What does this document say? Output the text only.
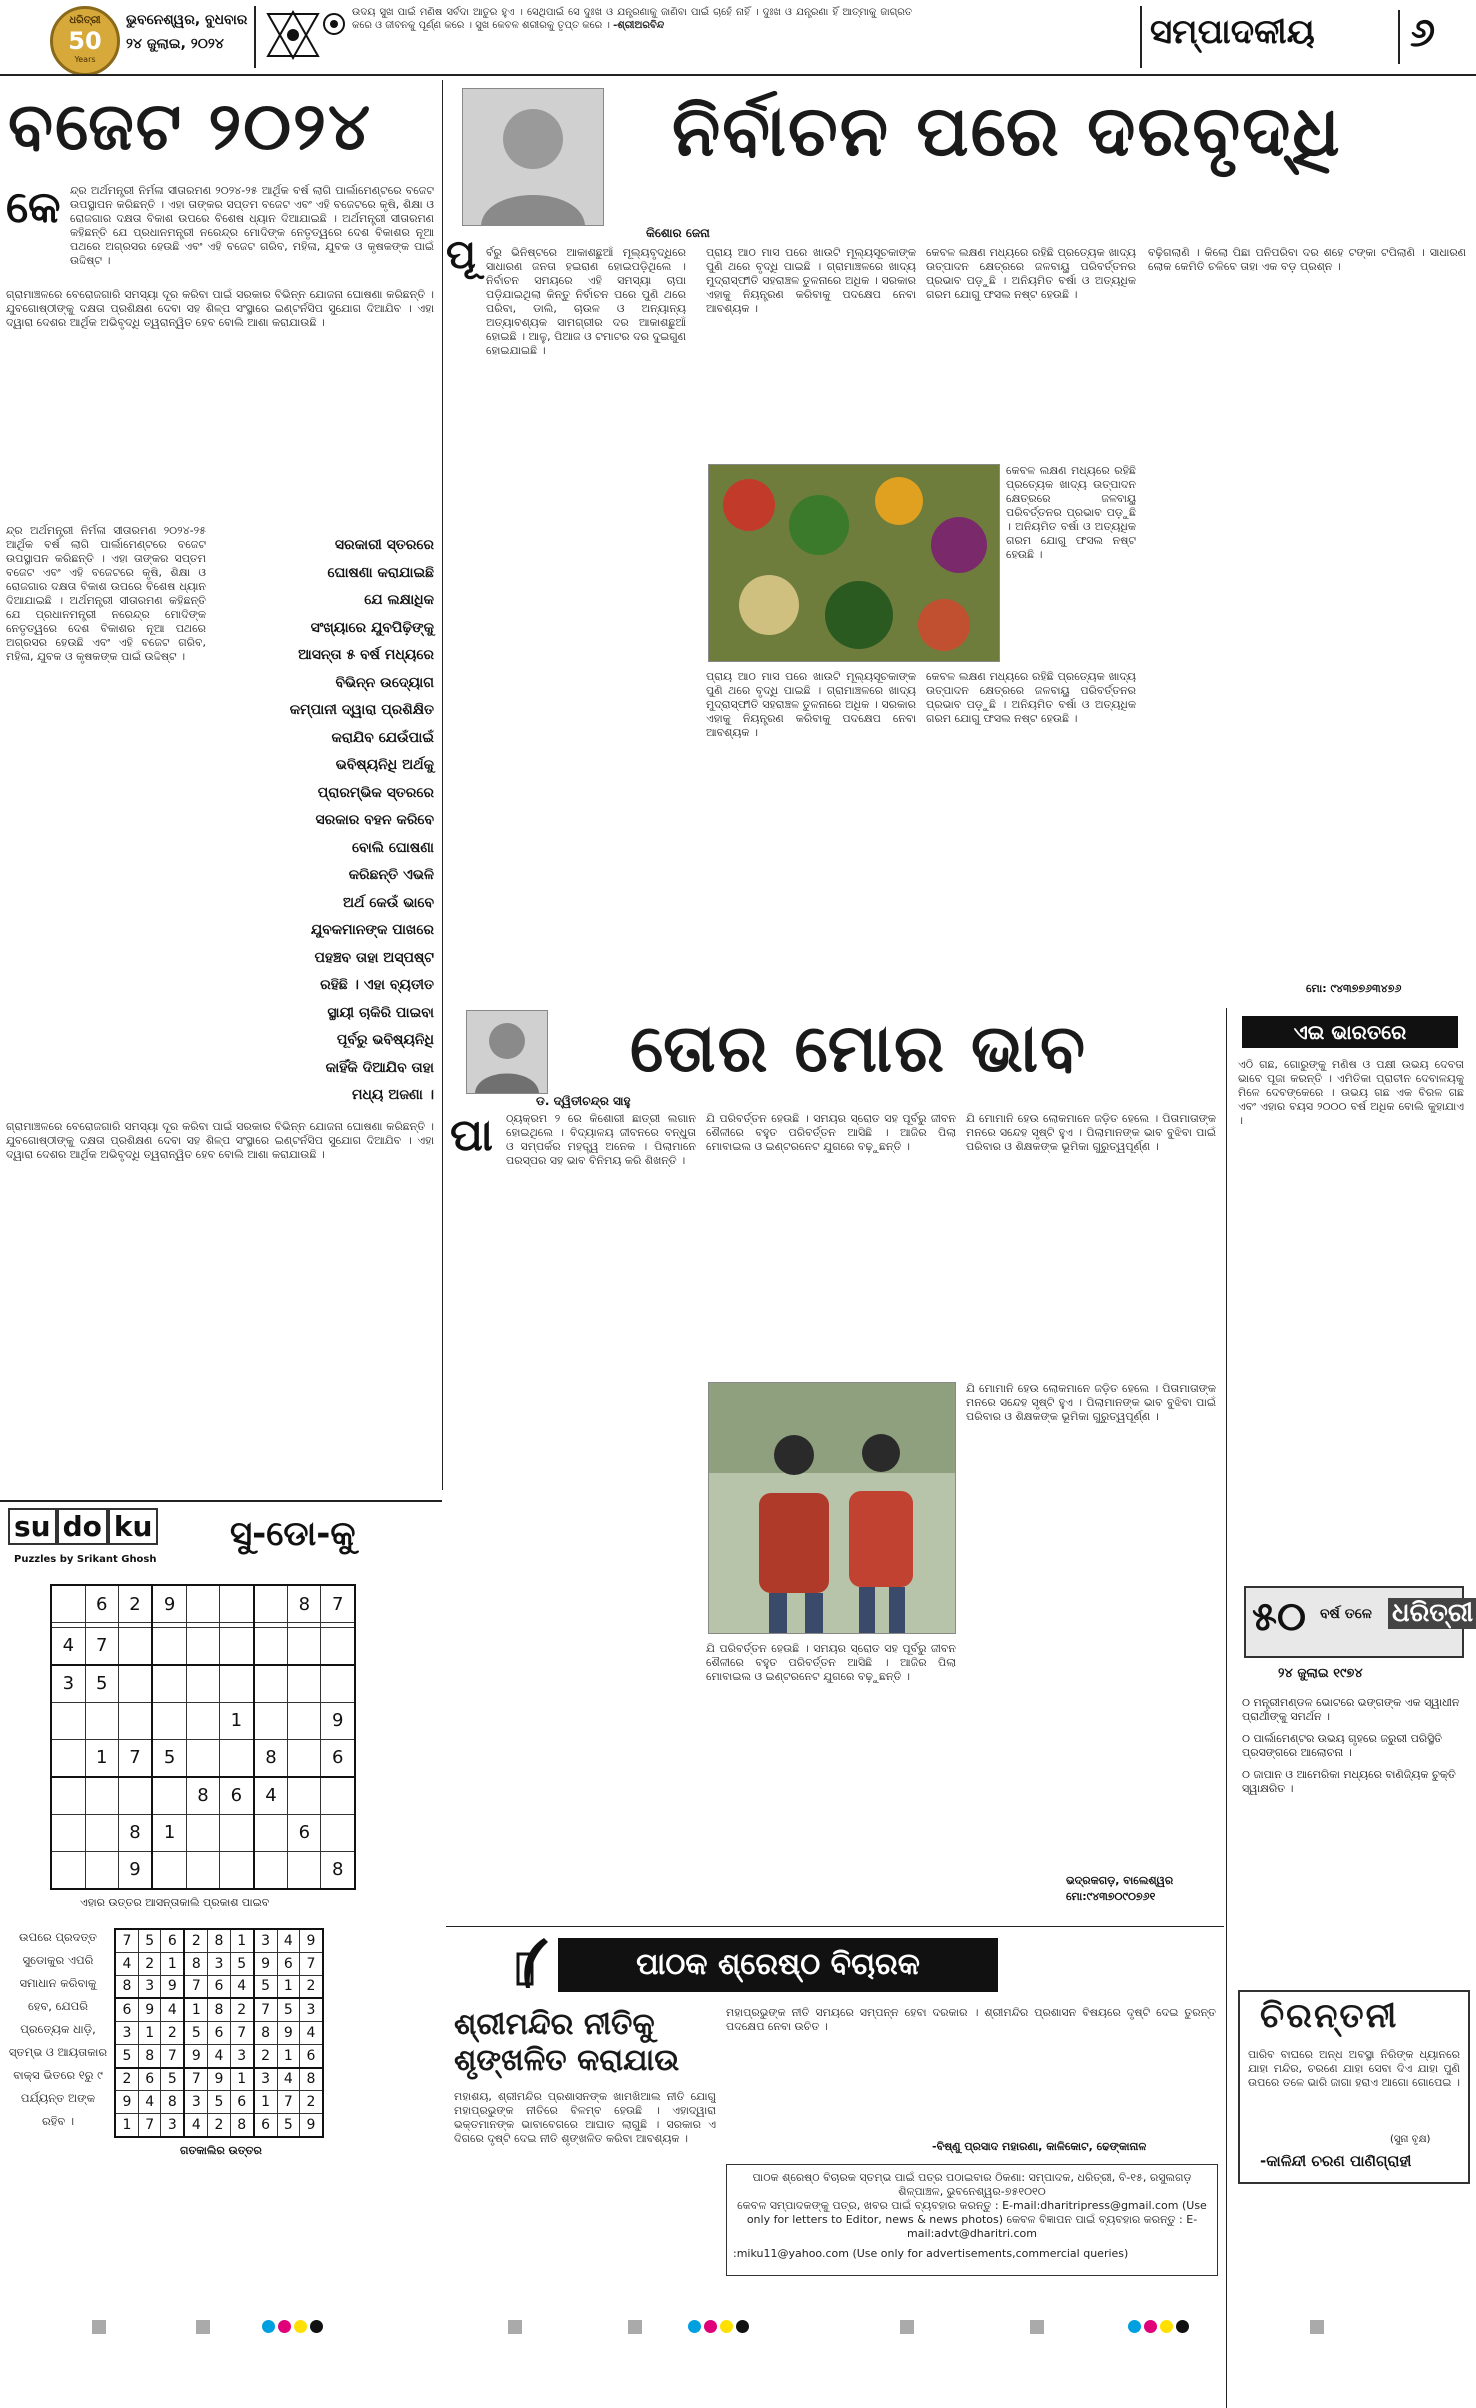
ଧରିତ୍ରୀ
50
Years
ଭୁବନେଶ୍ୱର, ବୁଧବାର
୨୪ ଜୁଲାଇ, ୨୦୨୪
ଉଦୟ ସୁଖ ପାଇଁ ମଣିଷ ସର୍ବଦା ଆତୁର ହୁଏ । ସେଥିପାଇଁ ସେ ଦୁଃଖ ଓ ଯନ୍ତ୍ରଣାକୁ ଜାଣିବା ପାଇଁ ଚାହେଁ ନାହିଁ । ଦୁଃଖ ଓ ଯନ୍ତ୍ରଣା ହିଁ ଆତ୍ମାକୁ ଜାଗ୍ରତ କରେ ଓ ଜୀବନକୁ ପୂର୍ଣ୍ଣ କରେ । ସୁଖ କେବଳ ଶରୀରକୁ ତୃପ୍ତ କରେ । -ଶ୍ରୀଅରବିନ୍ଦ	ସମ୍ପାଦକୀୟ ୬
ବଜେଟ ୨୦୨୪
କେ ନ୍ଦ୍ର ଅର୍ଥମନ୍ତ୍ରୀ ନିର୍ମଳା ସୀତାରମଣ ୨୦୨୪-୨୫ ଆର୍ଥିକ ବର୍ଷ ଲାଗି ପାର୍ଲାମେଣ୍ଟରେ ବଜେଟ ଉପସ୍ଥାପନ କରିଛନ୍ତି । ଏହା ତାଙ୍କର ସପ୍ତମ ବଜେଟ ଏବଂ ଏହି ବଜେଟରେ କୃଷି, ଶିକ୍ଷା ଓ ରୋଜଗାର ଦକ୍ଷତା ବିକାଶ ଉପରେ ବିଶେଷ ଧ୍ୟାନ ଦିଆଯାଇଛି । ଅର୍ଥମନ୍ତ୍ରୀ ସୀତାରମଣ କହିଛନ୍ତି ଯେ ପ୍ରଧାନମନ୍ତ୍ରୀ ନରେନ୍ଦ୍ର ମୋଦିଙ୍କ ନେତୃତ୍ୱରେ ଦେଶ ବିକାଶର ନୂଆ ପଥରେ ଅଗ୍ରସର ହେଉଛି ଏବଂ ଏହି ବଜେଟ ଗରିବ, ମହିଳା, ଯୁବକ ଓ କୃଷକଙ୍କ ପାଇଁ ଉଦ୍ଦିଷ୍ଟ ।
ଗ୍ରାମାଞ୍ଚଳରେ ବେରୋଜଗାରି ସମସ୍ୟା ଦୂର କରିବା ପାଇଁ ସରକାର ବିଭିନ୍ନ ଯୋଜନା ଘୋଷଣା କରିଛନ୍ତି । ଯୁବଗୋଷ୍ଠୀଙ୍କୁ ଦକ୍ଷତା ପ୍ରଶିକ୍ଷଣ ଦେବା ସହ ଶିଳ୍ପ ସଂସ୍ଥାରେ ଇଣ୍ଟର୍ନସିପ ସୁଯୋଗ ଦିଆଯିବ । ଏହା ଦ୍ୱାରା ଦେଶର ଆର୍ଥିକ ଅଭିବୃଦ୍ଧି ତ୍ୱରାନ୍ୱିତ ହେବ ବୋଲି ଆଶା କରାଯାଉଛି ।
ନ୍ଦ୍ର ଅର୍ଥମନ୍ତ୍ରୀ ନିର୍ମଳା ସୀତାରମଣ ୨୦୨୪-୨୫ ଆର୍ଥିକ ବର୍ଷ ଲାଗି ପାର୍ଲାମେଣ୍ଟରେ ବଜେଟ ଉପସ୍ଥାପନ କରିଛନ୍ତି । ଏହା ତାଙ୍କର ସପ୍ତମ ବଜେଟ ଏବଂ ଏହି ବଜେଟରେ କୃଷି, ଶିକ୍ଷା ଓ ରୋଜଗାର ଦକ୍ଷତା ବିକାଶ ଉପରେ ବିଶେଷ ଧ୍ୟାନ ଦିଆଯାଇଛି । ଅର୍ଥମନ୍ତ୍ରୀ ସୀତାରମଣ କହିଛନ୍ତି ଯେ ପ୍ରଧାନମନ୍ତ୍ରୀ ନରେନ୍ଦ୍ର ମୋଦିଙ୍କ ନେତୃତ୍ୱରେ ଦେଶ ବିକାଶର ନୂଆ ପଥରେ ଅଗ୍ରସର ହେଉଛି ଏବଂ ଏହି ବଜେଟ ଗରିବ, ମହିଳା, ଯୁବକ ଓ କୃଷକଙ୍କ ପାଇଁ ଉଦ୍ଦିଷ୍ଟ ।
ସରକାରୀ ସ୍ତରରେ
ଘୋଷଣା କରାଯାଇଛି
ଯେ ଲକ୍ଷାଧିକ
ସଂଖ୍ୟାରେ ଯୁବପିଢ଼ିଙ୍କୁ
ଆସନ୍ତା ୫ ବର୍ଷ ମଧ୍ୟରେ
ବିଭିନ୍ନ ଉଦ୍ୟୋଗ
କମ୍ପାନୀ ଦ୍ୱାରା ପ୍ରଶିକ୍ଷିତ
କରାଯିବ ଯେଉଁପାଇଁ
ଭବିଷ୍ୟନିଧି ଅର୍ଥକୁ
ପ୍ରାରମ୍ଭିକ ସ୍ତରରେ
ସରକାର ବହନ କରିବେ
ବୋଲି ଘୋଷଣା
କରିଛନ୍ତି ଏଭଳି
ଅର୍ଥ କେଉଁ ଭାବେ
ଯୁବକମାନଙ୍କ ପାଖରେ
ପହଞ୍ଚବ ତାହା ଅସ୍ପଷ୍ଟ
ରହିଛି । ଏହା ବ୍ୟତୀତ
ସ୍ଥାୟୀ ଚାକିରି ପାଇବା
ପୂର୍ବରୁ ଭବିଷ୍ୟନିଧି
କାହିଁକି ଦିଆଯିବ ତାହା
ମଧ୍ୟ ଅଜଣା ।
ଗ୍ରାମାଞ୍ଚଳରେ ବେରୋଜଗାରି ସମସ୍ୟା ଦୂର କରିବା ପାଇଁ ସରକାର ବିଭିନ୍ନ ଯୋଜନା ଘୋଷଣା କରିଛନ୍ତି । ଯୁବଗୋଷ୍ଠୀଙ୍କୁ ଦକ୍ଷତା ପ୍ରଶିକ୍ଷଣ ଦେବା ସହ ଶିଳ୍ପ ସଂସ୍ଥାରେ ଇଣ୍ଟର୍ନସିପ ସୁଯୋଗ ଦିଆଯିବ । ଏହା ଦ୍ୱାରା ଦେଶର ଆର୍ଥିକ ଅଭିବୃଦ୍ଧି ତ୍ୱରାନ୍ୱିତ ହେବ ବୋଲି ଆଶା କରାଯାଉଛି ।
କିଶୋର ଜେନା
ନିର୍ବାଚନ ପରେ ଦରବୃଦ୍ଧି
ପୂ ର୍ବରୁ ଭିନିଷ୍ଟରେ ଆକାଶଛୁଆଁ ମୂଲ୍ୟବୃଦ୍ଧିରେ ସାଧାରଣ ଜନତା ହଇରାଣ ହୋଇପଡ଼ିଥିଲେ । ନିର୍ବାଚନ ସମୟରେ ଏହି ସମସ୍ୟା ଚାପା ପଡ଼ିଯାଇଥିଲା କିନ୍ତୁ ନିର୍ବାଚନ ପରେ ପୁଣି ଥରେ ପରିବା, ଡାଲି, ଚାଉଳ ଓ ଅନ୍ୟାନ୍ୟ ଅତ୍ୟାବଶ୍ୟକ ସାମଗ୍ରୀର ଦର ଆକାଶଛୁଆଁ ହୋଇଛି । ଆଳୁ, ପିଆଜ ଓ ଟମାଟର ଦର ଦୁଇଗୁଣ ହୋଇଯାଇଛି ।
ପ୍ରାୟ ଆଠ ମାସ ପରେ ଖାଉଟି ମୂଲ୍ୟସୂଚକାଙ୍କ ପୁଣି ଥରେ ବୃଦ୍ଧି ପାଇଛି । ଗ୍ରାମାଞ୍ଚଳରେ ଖାଦ୍ୟ ମୁଦ୍ରାସ୍ଫୀତି ସହରାଞ୍ଚଳ ତୁଳନାରେ ଅଧିକ । ସରକାର ଏହାକୁ ନିୟନ୍ତ୍ରଣ କରିବାକୁ ପଦକ୍ଷେପ ନେବା ଆବଶ୍ୟକ ।
ପ୍ରାୟ ଆଠ ମାସ ପରେ ଖାଉଟି ମୂଲ୍ୟସୂଚକାଙ୍କ ପୁଣି ଥରେ ବୃଦ୍ଧି ପାଇଛି । ଗ୍ରାମାଞ୍ଚଳରେ ଖାଦ୍ୟ ମୁଦ୍ରାସ୍ଫୀତି ସହରାଞ୍ଚଳ ତୁଳନାରେ ଅଧିକ । ସରକାର ଏହାକୁ ନିୟନ୍ତ୍ରଣ କରିବାକୁ ପଦକ୍ଷେପ ନେବା ଆବଶ୍ୟକ ।
କେବଳ ଲକ୍ଷଣ ମଧ୍ୟରେ ରହିଛି ପ୍ରତ୍ୟେକ ଖାଦ୍ୟ ଉତ୍ପାଦନ କ୍ଷେତ୍ରରେ ଜଳବାୟୁ ପରିବର୍ତ୍ତନର ପ୍ରଭାବ ପଡ଼ୁଛି । ଅନିୟମିତ ବର୍ଷା ଓ ଅତ୍ୟଧିକ ଗରମ ଯୋଗୁ ଫସଲ ନଷ୍ଟ ହେଉଛି ।
କେବଳ ଲକ୍ଷଣ ମଧ୍ୟରେ ରହିଛି ପ୍ରତ୍ୟେକ ଖାଦ୍ୟ ଉତ୍ପାଦନ କ୍ଷେତ୍ରରେ ଜଳବାୟୁ ପରିବର୍ତ୍ତନର ପ୍ରଭାବ ପଡ଼ୁଛି । ଅନିୟମିତ ବର୍ଷା ଓ ଅତ୍ୟଧିକ ଗରମ ଯୋଗୁ ଫସଲ ନଷ୍ଟ ହେଉଛି ।
କେବଳ ଲକ୍ଷଣ ମଧ୍ୟରେ ରହିଛି ପ୍ରତ୍ୟେକ ଖାଦ୍ୟ ଉତ୍ପାଦନ କ୍ଷେତ୍ରରେ ଜଳବାୟୁ ପରିବର୍ତ୍ତନର ପ୍ରଭାବ ପଡ଼ୁଛି । ଅନିୟମିତ ବର୍ଷା ଓ ଅତ୍ୟଧିକ ଗରମ ଯୋଗୁ ଫସଲ ନଷ୍ଟ ହେଉଛି ।
ବଢ଼ିଗଲାଣି । କିଲୋ ପିଛା ପନିପରିବା ଦର ଶହେ ଟଙ୍କା ଟପିଲାଣି । ସାଧାରଣ ଲୋକ କେମିତି ଚଳିବେ ତାହା ଏକ ବଡ଼ ପ୍ରଶ୍ନ ।
ମୋ: ୯୪୩୭୭୬୩୪୭୬
ଏଇ ଭାରତରେ
ଏଠି ଗଛ, ଗୋରୁଙ୍କୁ ମଣିଷ ଓ ପକ୍ଷୀ ଉଭୟ ଦେବତା ଭାବେ ପୂଜା କରନ୍ତି । ଏମିତିକା ପ୍ରାଚୀନ ଦେବାଳୟକୁ ମିଳେ ଦେବଙ୍କେରେ । ଉଭୟ ଗଛ ଏକ ବିରଳ ଗଛ ଏବଂ ଏହାର ବୟସ ୨୦୦୦ ବର୍ଷ ଅଧିକ ବୋଲି କୁହାଯାଏ ।
ଡ. ଦ୍ୱିତୀଚନ୍ଦ୍ର ସାହୁ
ତୋର ମୋର ଭାବ
ପା ଠ୍ୟକ୍ରମ ୨ ରେ କିଶୋରୀ ଛାତ୍ରୀ ଲଗାନ ହୋଇଥିଲେ । ବିଦ୍ୟାଳୟ ଜୀବନରେ ବନ୍ଧୁତା ଓ ସମ୍ପର୍କର ମହତ୍ତ୍ୱ ଅନେକ । ପିଲାମାନେ ପରସ୍ପର ସହ ଭାବ ବିନିମୟ କରି ଶିଖନ୍ତି ।
ଯି ପରିବର୍ତ୍ତନ ହେଉଛି । ସମୟର ସ୍ରୋତ ସହ ପୂର୍ବରୁ ଜୀବନ ଶୈଳୀରେ ବହୁତ ପରିବର୍ତ୍ତନ ଆସିଛି । ଆଜିର ପିଲା ମୋବାଇଲ ଓ ଇଣ୍ଟରନେଟ ଯୁଗରେ ବଢ଼ୁଛନ୍ତି ।
ଯି ମୋମାନି ହେଉ ଲୋକମାନେ ଜଡ଼ିତ ହେଲେ । ପିତାମାତାଙ୍କ ମନରେ ସନ୍ଦେହ ସୃଷ୍ଟି ହୁଏ । ପିଲାମାନଙ୍କ ଭାବ ବୁଝିବା ପାଇଁ ପରିବାର ଓ ଶିକ୍ଷକଙ୍କ ଭୂମିକା ଗୁରୁତ୍ୱପୂର୍ଣ୍ଣ ।
ଯି ପରିବର୍ତ୍ତନ ହେଉଛି । ସମୟର ସ୍ରୋତ ସହ ପୂର୍ବରୁ ଜୀବନ ଶୈଳୀରେ ବହୁତ ପରିବର୍ତ୍ତନ ଆସିଛି । ଆଜିର ପିଲା ମୋବାଇଲ ଓ ଇଣ୍ଟରନେଟ ଯୁଗରେ ବଢ଼ୁଛନ୍ତି ।
ଯି ମୋମାନି ହେଉ ଲୋକମାନେ ଜଡ଼ିତ ହେଲେ । ପିତାମାତାଙ୍କ ମନରେ ସନ୍ଦେହ ସୃଷ୍ଟି ହୁଏ । ପିଲାମାନଙ୍କ ଭାବ ବୁଝିବା ପାଇଁ ପରିବାର ଓ ଶିକ୍ଷକଙ୍କ ଭୂମିକା ଗୁରୁତ୍ୱପୂର୍ଣ୍ଣ ।
ଭଦ୍ରକଗଡ଼, ବାଲେଶ୍ୱର
ମୋ:୯୪୩୭୦୯୦୭୬୧
୫୦ ବର୍ଷ ତଳେ ଧରିତ୍ରୀ
୨୪ ଜୁଲାଇ ୧୯୭୪
୦ ମନ୍ତ୍ରୀମଣ୍ଡଳ ଭୋଟରେ ଭଙ୍ଗଙ୍କ ଏକ ସ୍ୱାଧୀନ ପ୍ରାର୍ଥୀଙ୍କୁ ସମର୍ଥନ ।
୦ ପାର୍ଲାମେଣ୍ଟର ଉଭୟ ଗୃହରେ ଜରୁରୀ ପରିସ୍ଥିତି ପ୍ରସଙ୍ଗରେ ଆଲୋଚନା ।
୦ ଜାପାନ ଓ ଆମେରିକା ମଧ୍ୟରେ ବାଣିଜ୍ୟିକ ଚୁକ୍ତି ସ୍ୱାକ୍ଷରିତ ।
ଚିରନ୍ତନୀ
ପାରିବ ବାଘରେ ଅନ୍ଧ ଅବସ୍ଥା ନିରିଙ୍କ ଧ୍ୟାନରେ ଯାହା ମନ୍ଦିର, ଚରଣେ ଯାହା ସେବା ଦିଏ ଯାହା ପୁଣି ଉପରେ ତଳେ ଭାରି ଜାଗା ହରାଏ ଆଗୋ ଗୋପେଇ ।
(ସୁନା ବୃକ୍ଷ)
-କାଳିନ୍ଦୀ ଚରଣ ପାଣିଗ୍ରାହୀ
su do ku
Puzzles by Srikant Ghosh
ସୁ-ଡୋ-କୁ
	6	2	9				8	7

4	7							
3	5							
					1			9
	1	7	5			8		6
				8	6	4		
		8	1				6	
		9						8
ଏହାର ଉତ୍ତର ଆସନ୍ତାକାଲି ପ୍ରକାଶ ପାଇବ
ଉପରେ ପ୍ରଦତ୍ତ ସୁଡୋକୁର ଏପରି ସମାଧାନ କରିବାକୁ ହେବ, ଯେପରି ପ୍ରତ୍ୟେକ ଧାଡ଼ି, ସ୍ତମ୍ଭ ଓ ଆୟତାକାର ବାକ୍ସ ଭିତରେ ୧ରୁ ୯ ପର୍ଯ୍ୟନ୍ତ ଅଙ୍କ ରହିବ ।
7	5	6	2	8	1	3	4	9
4	2	1	8	3	5	9	6	7
8	3	9	7	6	4	5	1	2
6	9	4	1	8	2	7	5	3
3	1	2	5	6	7	8	9	4
5	8	7	9	4	3	2	1	6
2	6	5	7	9	1	3	4	8
9	4	8	3	5	6	1	7	2
1	7	3	4	2	8	6	5	9
ଗତକାଲିର ଉତ୍ତର
ପାଠକ ଶ୍ରେଷ୍ଠ ବିଚାରକ
ଶ୍ରୀମନ୍ଦିର ନୀତିକୁ
ଶୃଙ୍ଖଳିତ କରାଯାଉ
ମହାଶୟ, ଶ୍ରୀମନ୍ଦିର ପ୍ରଶାସନଙ୍କ ଖାମଖିଆଲ ନୀତି ଯୋଗୁ ମହାପ୍ରଭୁଙ୍କ ନୀତିରେ ବିଳମ୍ବ ହେଉଛି । ଏହାଦ୍ୱାରା ଭକ୍ତମାନଙ୍କ ଭାବାବେଗରେ ଆଘାତ ଲାଗୁଛି । ସରକାର ଏ ଦିଗରେ ଦୃଷ୍ଟି ଦେଇ ନୀତି ଶୃଙ୍ଖଳିତ କରିବା ଆବଶ୍ୟକ ।
ମହାପ୍ରଭୁଙ୍କ ନୀତି ସମୟରେ ସମ୍ପନ୍ନ ହେବା ଦରକାର । ଶ୍ରୀମନ୍ଦିର ପ୍ରଶାସନ ବିଷୟରେ ଦୃଷ୍ଟି ଦେଇ ତୁରନ୍ତ ପଦକ୍ଷେପ ନେବା ଉଚିତ ।
-ବିଷ୍ଣୁ ପ୍ରସାଦ ମହାରଣା, କାଳିକୋଟ, ଢେଙ୍କାନାଳ
ପାଠକ ଶ୍ରେଷ୍ଠ ବିଚାରକ ସ୍ତମ୍ଭ ପାଇଁ ପତ୍ର ପଠାଇବାର ଠିକଣା: ସମ୍ପାଦକ, ଧରିତ୍ରୀ, ବି-୧୫, ରସୁଲଗଡ଼ ଶିଳ୍ପାଞ୍ଚଳ, ଭୁବନେଶ୍ୱର-୭୫୧୦୧୦
କେବଳ ସମ୍ପାଦକଙ୍କୁ ପତ୍ର, ଖବର ପାଇଁ ବ୍ୟବହାର କରନ୍ତୁ : E-mail:dharitripress@gmail.com (Use only for letters to Editor, news & news photos) କେବଳ ବିଜ୍ଞାପନ ପାଇଁ ବ୍ୟବହାର କରନ୍ତୁ : E-mail:advt@dharitri.com
:miku11@yahoo.com (Use only for advertisements,commercial queries)
